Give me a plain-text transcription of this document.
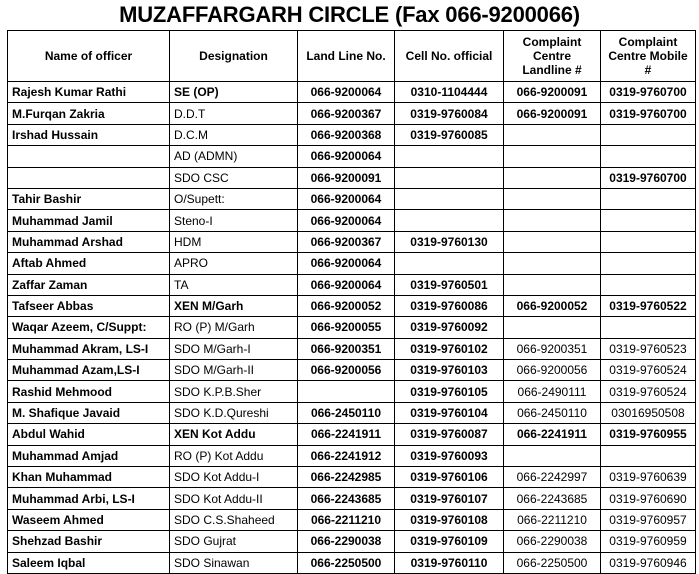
MUZAFFARGARH CIRCLE (Fax 066-9200066)
Name of officer	Designation	Land Line No.	Cell No. official	Complaint Centre Landline #	Complaint Centre Mobile #
Rajesh Kumar Rathi	SE (OP)	066-9200064	0310-1104444	066-9200091	0319-9760700
M.Furqan Zakria	D.D.T	066-9200367	0319-9760084	066-9200091	0319-9760700
Irshad Hussain	D.C.M	066-9200368	0319-9760085		
	AD (ADMN)	066-9200064			
	SDO CSC	066-9200091			0319-9760700
Tahir Bashir	O/Supett:	066-9200064			
Muhammad Jamil	Steno-I	066-9200064			
Muhammad Arshad	HDM	066-9200367	0319-9760130		
Aftab Ahmed	APRO	066-9200064			
Zaffar Zaman	TA	066-9200064	0319-9760501		
Tafseer Abbas	XEN M/Garh	066-9200052	0319-9760086	066-9200052	0319-9760522
Waqar Azeem, C/Suppt:	RO (P) M/Garh	066-9200055	0319-9760092		
Muhammad Akram, LS-I	SDO M/Garh-I	066-9200351	0319-9760102	066-9200351	0319-9760523
Muhammad Azam,LS-I	SDO M/Garh-II	066-9200056	0319-9760103	066-9200056	0319-9760524
Rashid Mehmood	SDO K.P.B.Sher		0319-9760105	066-2490111	0319-9760524
M. Shafique Javaid	SDO K.D.Qureshi	066-2450110	0319-9760104	066-2450110	03016950508
Abdul Wahid	XEN Kot Addu	066-2241911	0319-9760087	066-2241911	0319-9760955
Muhammad Amjad	RO (P) Kot Addu	066-2241912	0319-9760093		
Khan Muhammad	SDO Kot Addu-I	066-2242985	0319-9760106	066-2242997	0319-9760639
Muhammad Arbi, LS-I	SDO Kot Addu-II	066-2243685	0319-9760107	066-2243685	0319-9760690
Waseem Ahmed	SDO C.S.Shaheed	066-2211210	0319-9760108	066-2211210	0319-9760957
Shehzad Bashir	SDO Gujrat	066-2290038	0319-9760109	066-2290038	0319-9760959
Saleem Iqbal	SDO Sinawan	066-2250500	0319-9760110	066-2250500	0319-9760946
